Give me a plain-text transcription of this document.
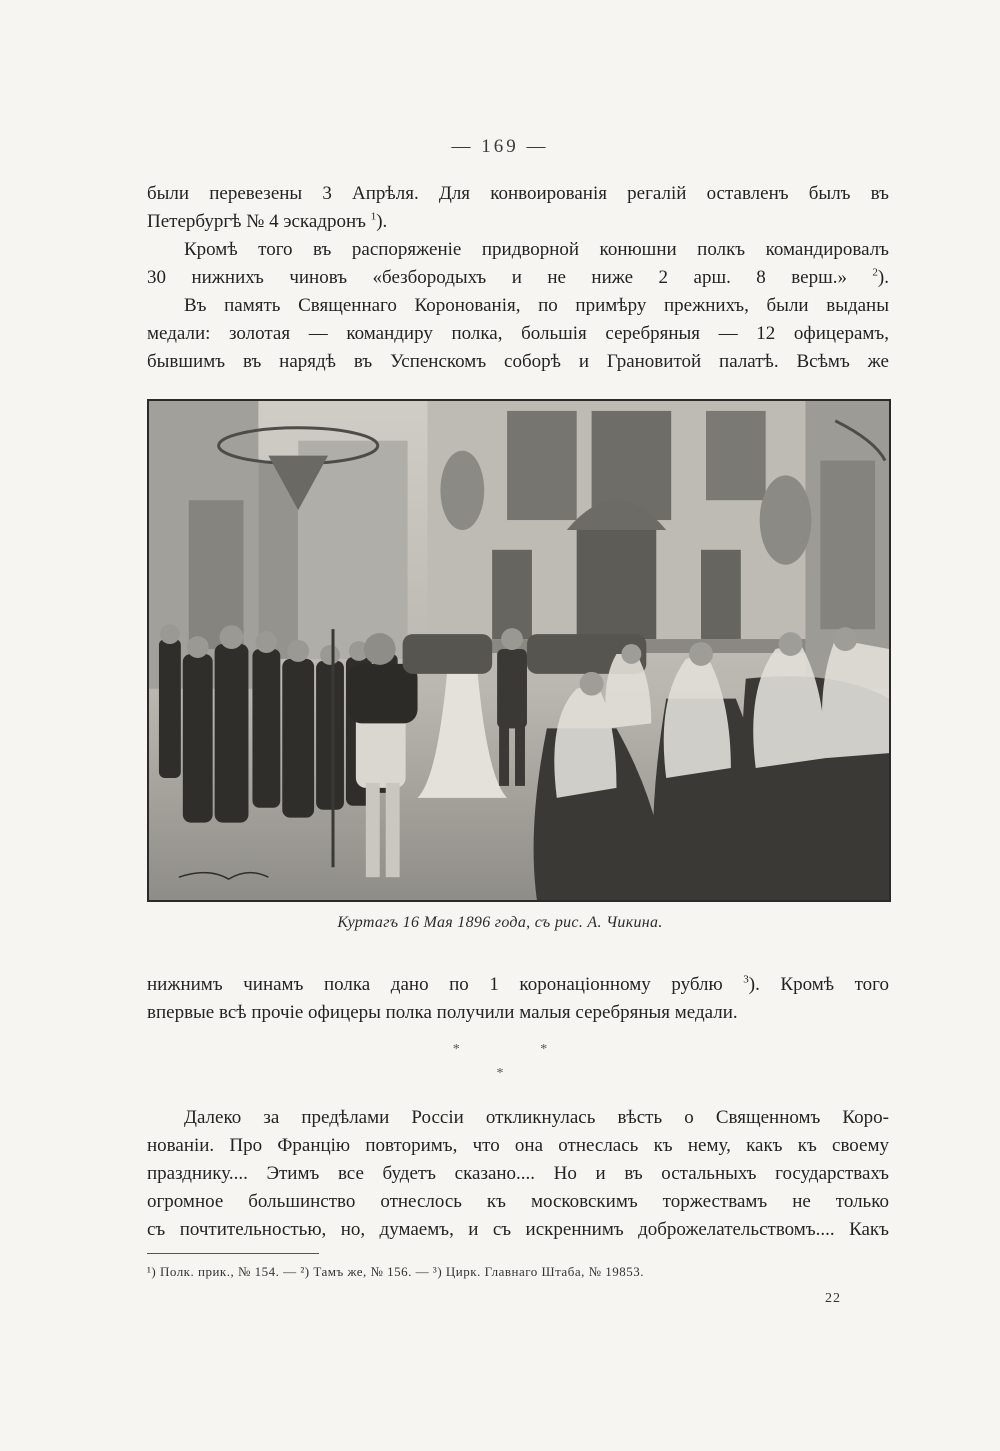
— 169 —

были перевезены 3 Апрѣля. Для конвоированія регалій оставленъ былъ въ
Петербургѣ № 4 эскадронъ $^1$).

Кромѣ того въ распоряженіе придворной конюшни полкъ командировалъ
30 нижнихъ чиновъ «безбородыхъ и не ниже 2 арш. 8 верш.» $^2$).

Въ память Священнаго Коронованія, по примѣру прежнихъ, были выданы
медали: золотая — командиру полка, большія серебряныя — 12 офицерамъ,
бывшимъ въ нарядѣ въ Успенскомъ соборѣ и Грановитой палатѣ. Всѣмъ же

Куртагъ 16 Мая 1896 года, съ рис. А. Чикина.

нижнимъ чинамъ полка дано по 1 коронаціонному рублю $^3$). Кромѣ того
впервые всѣ прочіе офицеры полка получили малыя серебряныя медали.

*                       *
*

Далеко за предѣлами Россіи откликнулась вѣсть о Священномъ Коро-
нованіи. Про Францію повторимъ, что она отнеслась къ нему, какъ къ своему
празднику.... Этимъ все будетъ сказано.... Но и въ остальныхъ государствахъ
огромное большинство отнеслось къ московскимъ торжествамъ не только
съ почтительностью, но, думаемъ, и съ искреннимъ доброжелательствомъ.... Какъ

¹) Полк. прик., № 154. — ²) Тамъ же, № 156. — ³) Цирк. Главнаго Штаба, № 19853.
22
